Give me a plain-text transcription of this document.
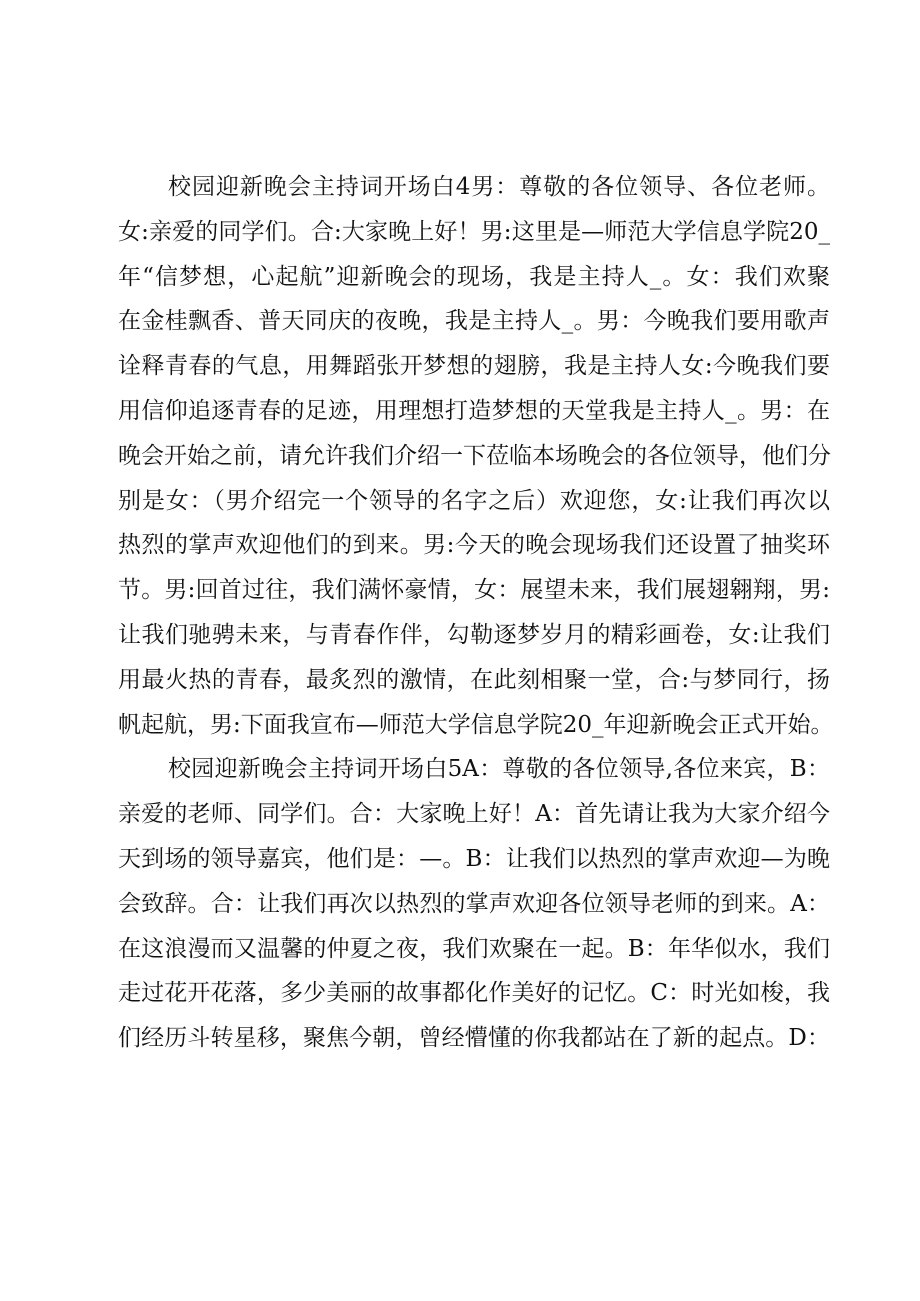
校园迎新晚会主持词开场白4男：尊敬的各位领导、各位老师。
女:亲爱的同学们。合:大家晚上好！男:这里是—师范大学信息学院20_
年“信梦想，心起航”迎新晚会的现场，我是主持人_。女：我们欢聚
在金桂飘香、普天同庆的夜晚，我是主持人_。男：今晚我们要用歌声
诠释青春的气息，用舞蹈张开梦想的翅膀，我是主持人女:今晚我们要
用信仰追逐青春的足迹，用理想打造梦想的天堂我是主持人_。男：在
晚会开始之前，请允许我们介绍一下莅临本场晚会的各位领导，他们分
别是女：（男介绍完一个领导的名字之后）欢迎您，女:让我们再次以
热烈的掌声欢迎他们的到来。男:今天的晚会现场我们还设置了抽奖环
节。男:回首过往，我们满怀豪情，女：展望未来，我们展翅翱翔，男:
让我们驰骋未来，与青春作伴，勾勒逐梦岁月的精彩画卷，女:让我们
用最火热的青春，最炙烈的激情，在此刻相聚一堂，合:与梦同行，扬
帆起航，男:下面我宣布—师范大学信息学院20_年迎新晚会正式开始。
校园迎新晚会主持词开场白5A：尊敬的各位领导,各位来宾，B：
亲爱的老师、同学们。合：大家晚上好！A：首先请让我为大家介绍今
天到场的领导嘉宾，他们是：—。B：让我们以热烈的掌声欢迎—为晚
会致辞。合：让我们再次以热烈的掌声欢迎各位领导老师的到来。A：
在这浪漫而又温馨的仲夏之夜，我们欢聚在一起。B：年华似水，我们
走过花开花落，多少美丽的故事都化作美好的记忆。C：时光如梭，我
们经历斗转星移，聚焦今朝，曾经懵懂的你我都站在了新的起点。D：
